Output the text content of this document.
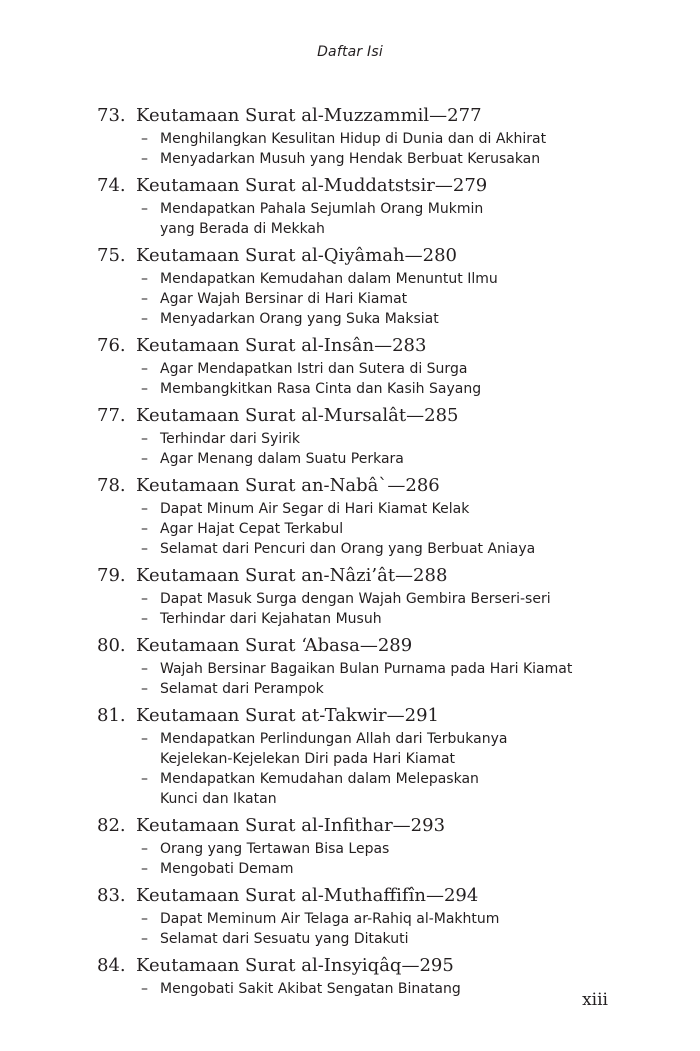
Daftar Isi
73. Keutamaan Surat al-Muzzammil—277
– Menghilangkan Kesulitan Hidup di Dunia dan di Akhirat
– Menyadarkan Musuh yang Hendak Berbuat Kerusakan
74. Keutamaan Surat al-Muddatstsir—279
– Mendapatkan Pahala Sejumlah Orang Mukmin
yang Berada di Mekkah
75. Keutamaan Surat al-Qiyâmah—280
– Mendapatkan Kemudahan dalam Menuntut Ilmu
– Agar Wajah Bersinar di Hari Kiamat
– Menyadarkan Orang yang Suka Maksiat
76. Keutamaan Surat al-Insân—283
– Agar Mendapatkan Istri dan Sutera di Surga
– Membangkitkan Rasa Cinta dan Kasih Sayang
77. Keutamaan Surat al-Mursalât—285
– Terhindar dari Syirik
– Agar Menang dalam Suatu Perkara
78. Keutamaan Surat an-Nabâ`—286
– Dapat Minum Air Segar di Hari Kiamat Kelak
– Agar Hajat Cepat Terkabul
– Selamat dari Pencuri dan Orang yang Berbuat Aniaya
79. Keutamaan Surat an-Nâzi’ât—288
– Dapat Masuk Surga dengan Wajah Gembira Berseri-seri
– Terhindar dari Kejahatan Musuh
80. Keutamaan Surat ‘Abasa—289
– Wajah Bersinar Bagaikan Bulan Purnama pada Hari Kiamat
– Selamat dari Perampok
81. Keutamaan Surat at-Takwir—291
– Mendapatkan Perlindungan Allah dari Terbukanya
Kejelekan-Kejelekan Diri pada Hari Kiamat
– Mendapatkan Kemudahan dalam Melepaskan
Kunci dan Ikatan
82. Keutamaan Surat al-Infithar—293
– Orang yang Tertawan Bisa Lepas
– Mengobati Demam
83. Keutamaan Surat al-Muthaffifîn—294
– Dapat Meminum Air Telaga ar-Rahiq al-Makhtum
– Selamat dari Sesuatu yang Ditakuti
84. Keutamaan Surat al-Insyiqâq—295
– Mengobati Sakit Akibat Sengatan Binatang
xiii
